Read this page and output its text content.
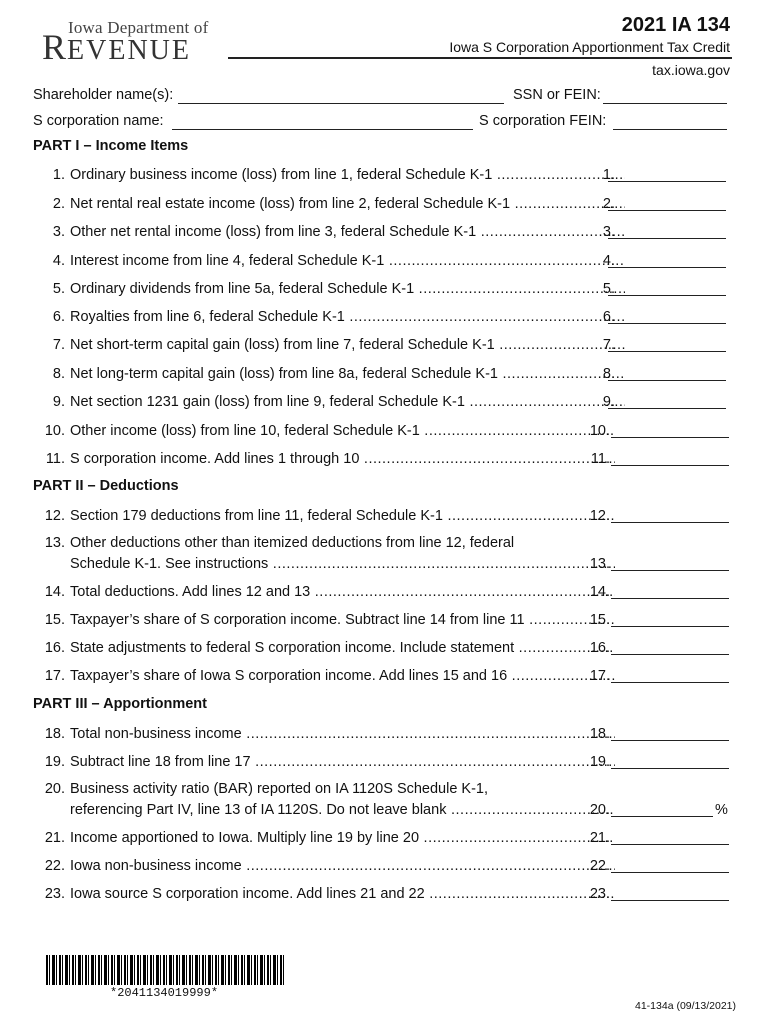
Iowa Department of
REVENUE
2021 IA 134
Iowa S Corporation Apportionment Tax Credit
tax.iowa.gov
Shareholder name(s):	SSN or FEIN:
S corporation name:	S corporation FEIN:
PART I – Income Items
PART II – Deductions
PART III – Apportionment
1. Ordinary business income (loss) from line 1, federal Schedule K-1 .....	1.
2. Net rental real estate income (loss) from line 2, federal Schedule K-1 .....	2.
3. Other net rental income (loss) from line 3, federal Schedule K-1 .....	3.
4. Interest income from line 4, federal Schedule K-1 .....	4.
5. Ordinary dividends from line 5a, federal Schedule K-1 .....	5.
6. Royalties from line 6, federal Schedule K-1 .....	6.
7. Net short-term capital gain (loss) from line 7, federal Schedule K-1 .....	7.
8. Net long-term capital gain (loss) from line 8a, federal Schedule K-1 .....	8.
9. Net section 1231 gain (loss) from line 9, federal Schedule K-1 .....	9.
10. Other income (loss) from line 10, federal Schedule K-1 .....	10.
11. S corporation income. Add lines 1 through 10 .....	11.
12. Section 179 deductions from line 11, federal Schedule K-1 .....	12.
13. Other deductions other than itemized deductions from line 12, federal
Schedule K-1. See instructions .....	13.
14. Total deductions. Add lines 12 and 13 .....	14.
15. Taxpayer’s share of S corporation income. Subtract line 14 from line 11 .....	15.
16. State adjustments to federal S corporation income. Include statement .....	16.
17. Taxpayer’s share of Iowa S corporation income. Add lines 15 and 16 .....	17.
18. Total non-business income .....	18.
19. Subtract line 18 from line 17 .....	19.
20. Business activity ratio (BAR) reported on IA 1120S Schedule K-1,
referencing Part IV, line 13 of IA 1120S. Do not leave blank .....	20.	%
21. Income apportioned to Iowa. Multiply line 19 by line 20 .....	21.
22. Iowa non-business income .....	22.
23. Iowa source S corporation income. Add lines 21 and 22 .....	23.
*2041134019999*
41-134a (09/13/2021)
